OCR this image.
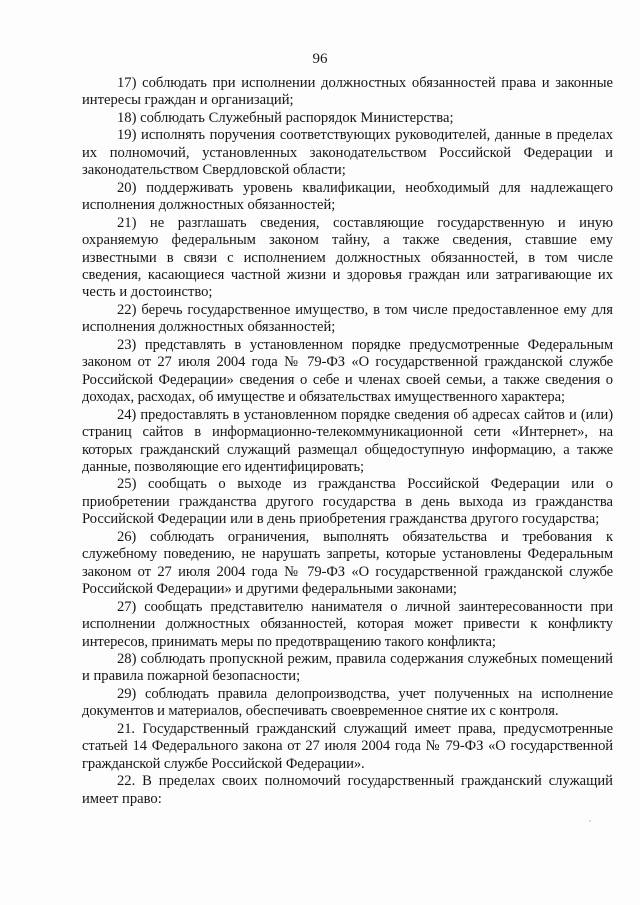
96

17) соблюдать при исполнении должностных обязанностей права и законные интересы граждан и организаций;

18) соблюдать Служебный распорядок Министерства;

19) исполнять поручения соответствующих руководителей, данные в пределах их полномочий, установленных законодательством Российской Федерации и законодательством Свердловской области;

20) поддерживать уровень квалификации, необходимый для надлежащего исполнения должностных обязанностей;

21) не разглашать сведения, составляющие государственную и иную охраняемую федеральным законом тайну, а также сведения, ставшие ему известными в связи с исполнением должностных обязанностей, в том числе сведения, касающиеся частной жизни и здоровья граждан или затрагивающие их честь и достоинство;

22) беречь государственное имущество, в том числе предоставленное ему для исполнения должностных обязанностей;

23) представлять в установленном порядке предусмотренные Федеральным законом от 27 июля 2004 года № 79-ФЗ «О государственной гражданской службе Российской Федерации» сведения о себе и членах своей семьи, а также сведения о доходах, расходах, об имуществе и обязательствах имущественного характера;

24) предоставлять в установленном порядке сведения об адресах сайтов и (или) страниц сайтов в информационно-телекоммуникационной сети «Интернет», на которых гражданский служащий размещал общедоступную информацию, а также данные, позволяющие его идентифицировать;

25) сообщать о выходе из гражданства Российской Федерации или о приобретении гражданства другого государства в день выхода из гражданства Российской Федерации или в день приобретения гражданства другого государства;

26) соблюдать ограничения, выполнять обязательства и требования к служебному поведению, не нарушать запреты, которые установлены Федеральным законом от 27 июля 2004 года № 79-ФЗ «О государственной гражданской службе Российской Федерации» и другими федеральными законами;

27) сообщать представителю нанимателя о личной заинтересованности при исполнении должностных обязанностей, которая может привести к конфликту интересов, принимать меры по предотвращению такого конфликта;

28) соблюдать пропускной режим, правила содержания служебных помещений и правила пожарной безопасности;

29) соблюдать правила делопроизводства, учет полученных на исполнение документов и материалов, обеспечивать своевременное снятие их с контроля.

21. Государственный гражданский служащий имеет права, предусмотренные статьей 14 Федерального закона от 27 июля 2004 года № 79-ФЗ «О государственной гражданской службе Российской Федерации».

22. В пределах своих полномочий государственный гражданский служащий имеет право:
